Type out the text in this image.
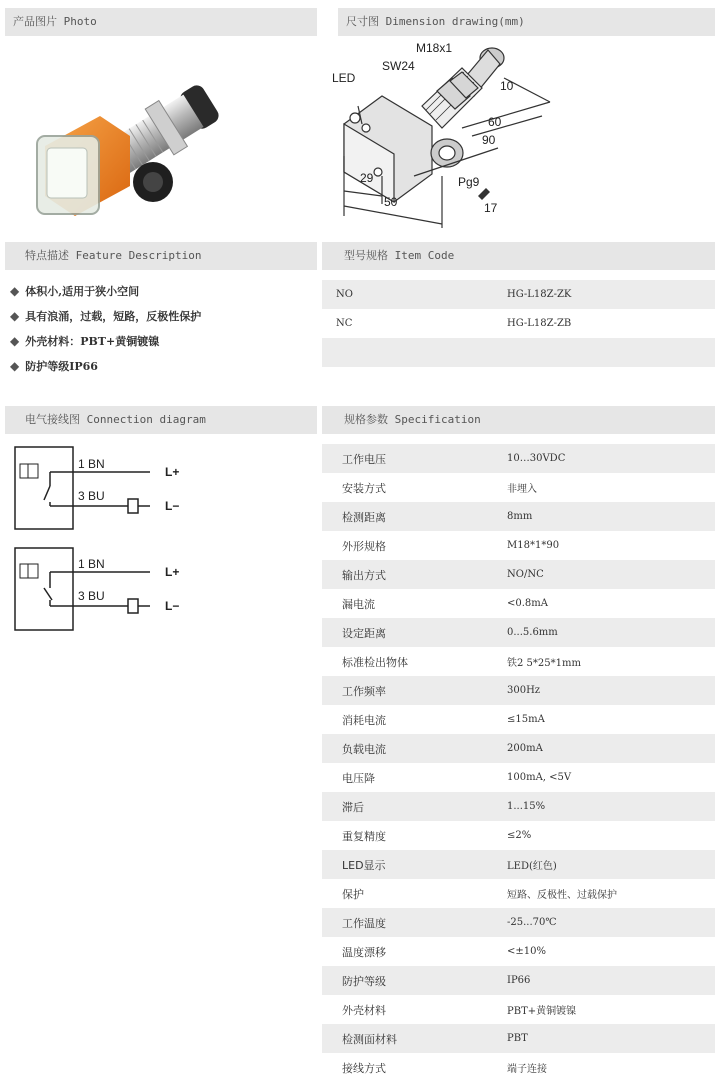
产品图片 Photo	尺寸图 Dimension drawing(mm)
M18x1
SW24
LED
10
60
90
29	Pg9
50	17
特点描述 Feature Description	型号规格 Item Code
◆ 体积小,适用于狭小空间
◆ 具有浪涌，过载，短路，反极性保护
◆ 外壳材料：PBT+黄铜镀镍
◆ 防护等级IP66
NO	HG-L18Z-ZK
NC	HG-L18Z-ZB
电气接线图 Connection diagram	规格参数 Specification
1 BN
3 BU
L+
L−
1 BN
3 BU
L+
L−
工作电压	10…30VDC
安装方式	非埋入
检测距离	8mm
外形规格	M18*1*90
输出方式	NO/NC
漏电流	<0.8mA
设定距离	0...5.6mm
标准检出物体	铁2 5*25*1mm
工作频率	300Hz
消耗电流	≤15mA
负载电流	200mA
电压降	100mA, <5V
滞后	1...15%
重复精度	≤2%
LED显示	LED(红色)
保护	短路、反极性、过载保护
工作温度	-25...70℃
温度漂移	<±10%
防护等级	IP66
外壳材料	PBT+黄铜镀镍
检测面材料	PBT
接线方式	端子连接
